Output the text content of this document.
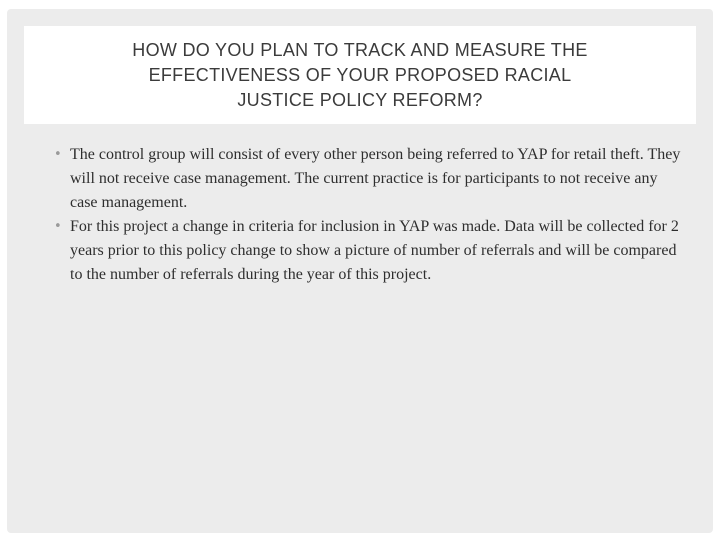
HOW DO YOU PLAN TO TRACK AND MEASURE THE
EFFECTIVENESS OF YOUR PROPOSED RACIAL
JUSTICE POLICY REFORM?
• The control group will consist of every other person being referred to YAP for retail theft. They will not receive case management. The current practice is for participants to not receive any case management.
• For this project a change in criteria for inclusion in YAP was made. Data will be collected for 2 years prior to this policy change to show a picture of number of referrals and will be compared to the number of referrals during the year of this project.
